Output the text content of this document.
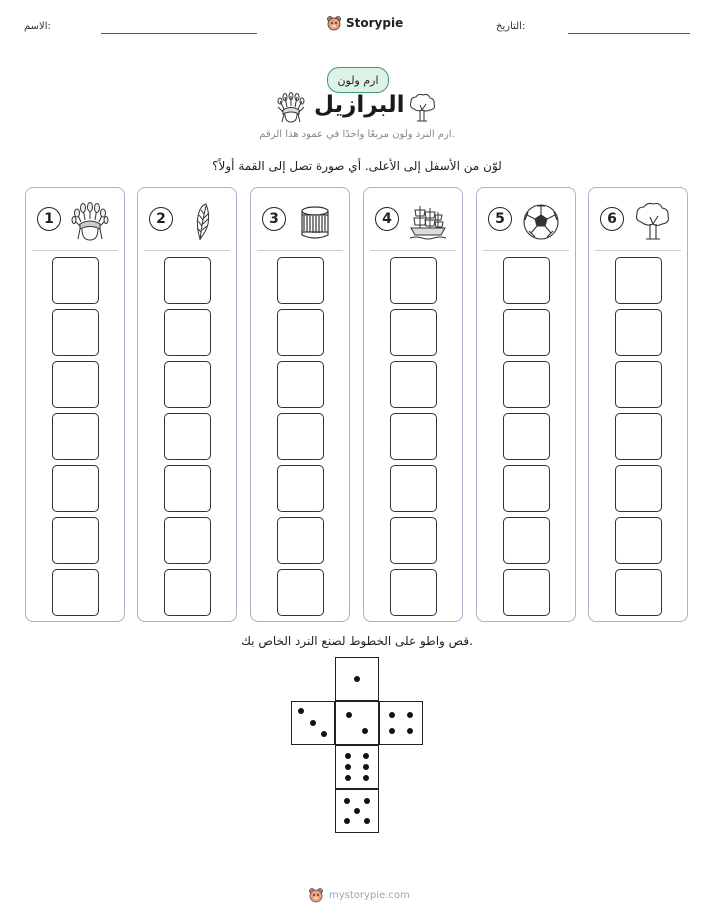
الاسم:	Storypie	التاريخ:
ارم ولون
البرازيل
ارم النرد ولون مربعًا واحدًا في عمود هذا الرقم.
لوّن من الأسفل إلى الأعلى. أي صورة تصل إلى القمة أولاً؟
1	2	3	4	5	6
قص واطو على الخطوط لصنع النرد الخاص بك.
mystorypie.com
